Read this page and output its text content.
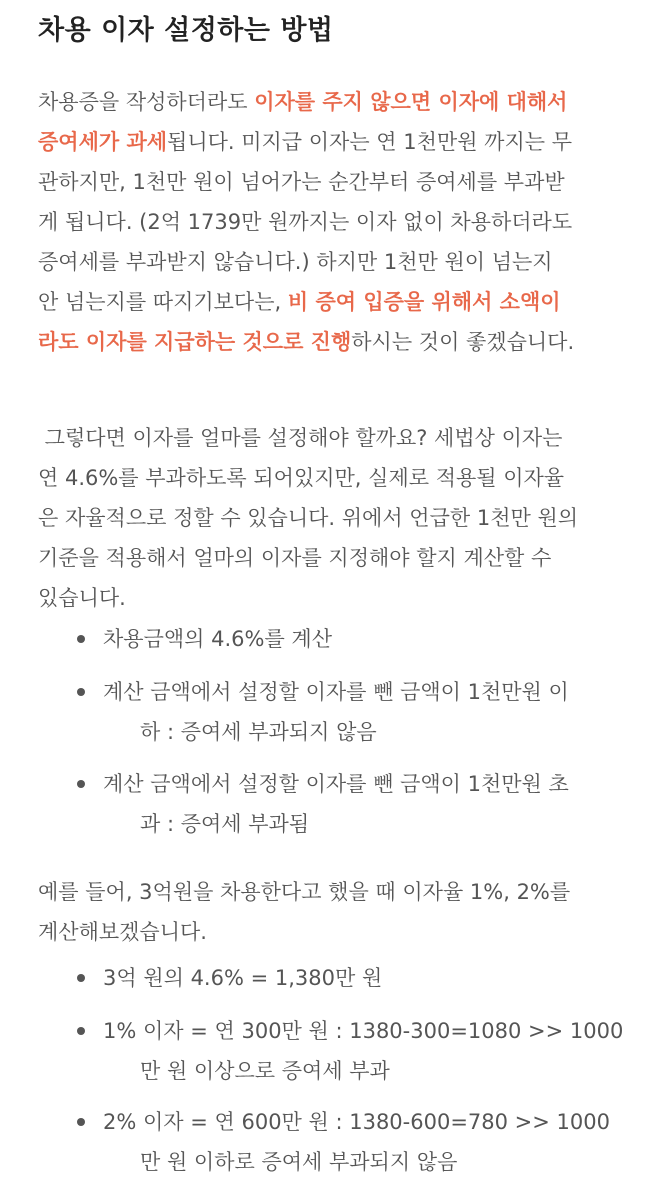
차용 이자 설정하는 방법
차용증을 작성하더라도 이자를 주지 않으면 이자에 대해서
증여세가 과세됩니다. 미지급 이자는 연 1천만원 까지는 무
관하지만, 1천만 원이 넘어가는 순간부터 증여세를 부과받
게 됩니다. (2억 1739만 원까지는 이자 없이 차용하더라도
증여세를 부과받지 않습니다.) 하지만 1천만 원이 넘는지
안 넘는지를 따지기보다는, 비 증여 입증을 위해서 소액이
라도 이자를 지급하는 것으로 진행하시는 것이 좋겠습니다.
그렇다면 이자를 얼마를 설정해야 할까요? 세법상 이자는
연 4.6%를 부과하도록 되어있지만, 실제로 적용될 이자율
은 자율적으로 정할 수 있습니다. 위에서 언급한 1천만 원의
기준을 적용해서 얼마의 이자를 지정해야 할지 계산할 수
있습니다.
차용금액의 4.6%를 계산
계산 금액에서 설정할 이자를 뺀 금액이 1천만원 이
하 : 증여세 부과되지 않음
계산 금액에서 설정할 이자를 뺀 금액이 1천만원 초
과 : 증여세 부과됨
예를 들어, 3억원을 차용한다고 했을 때 이자율 1%, 2%를
계산해보겠습니다.
3억 원의 4.6% = 1,380만 원
1% 이자 = 연 300만 원 : 1380-300=1080 >> 1000
만 원 이상으로 증여세 부과
2% 이자 = 연 600만 원 : 1380-600=780 >> 1000
만 원 이하로 증여세 부과되지 않음
